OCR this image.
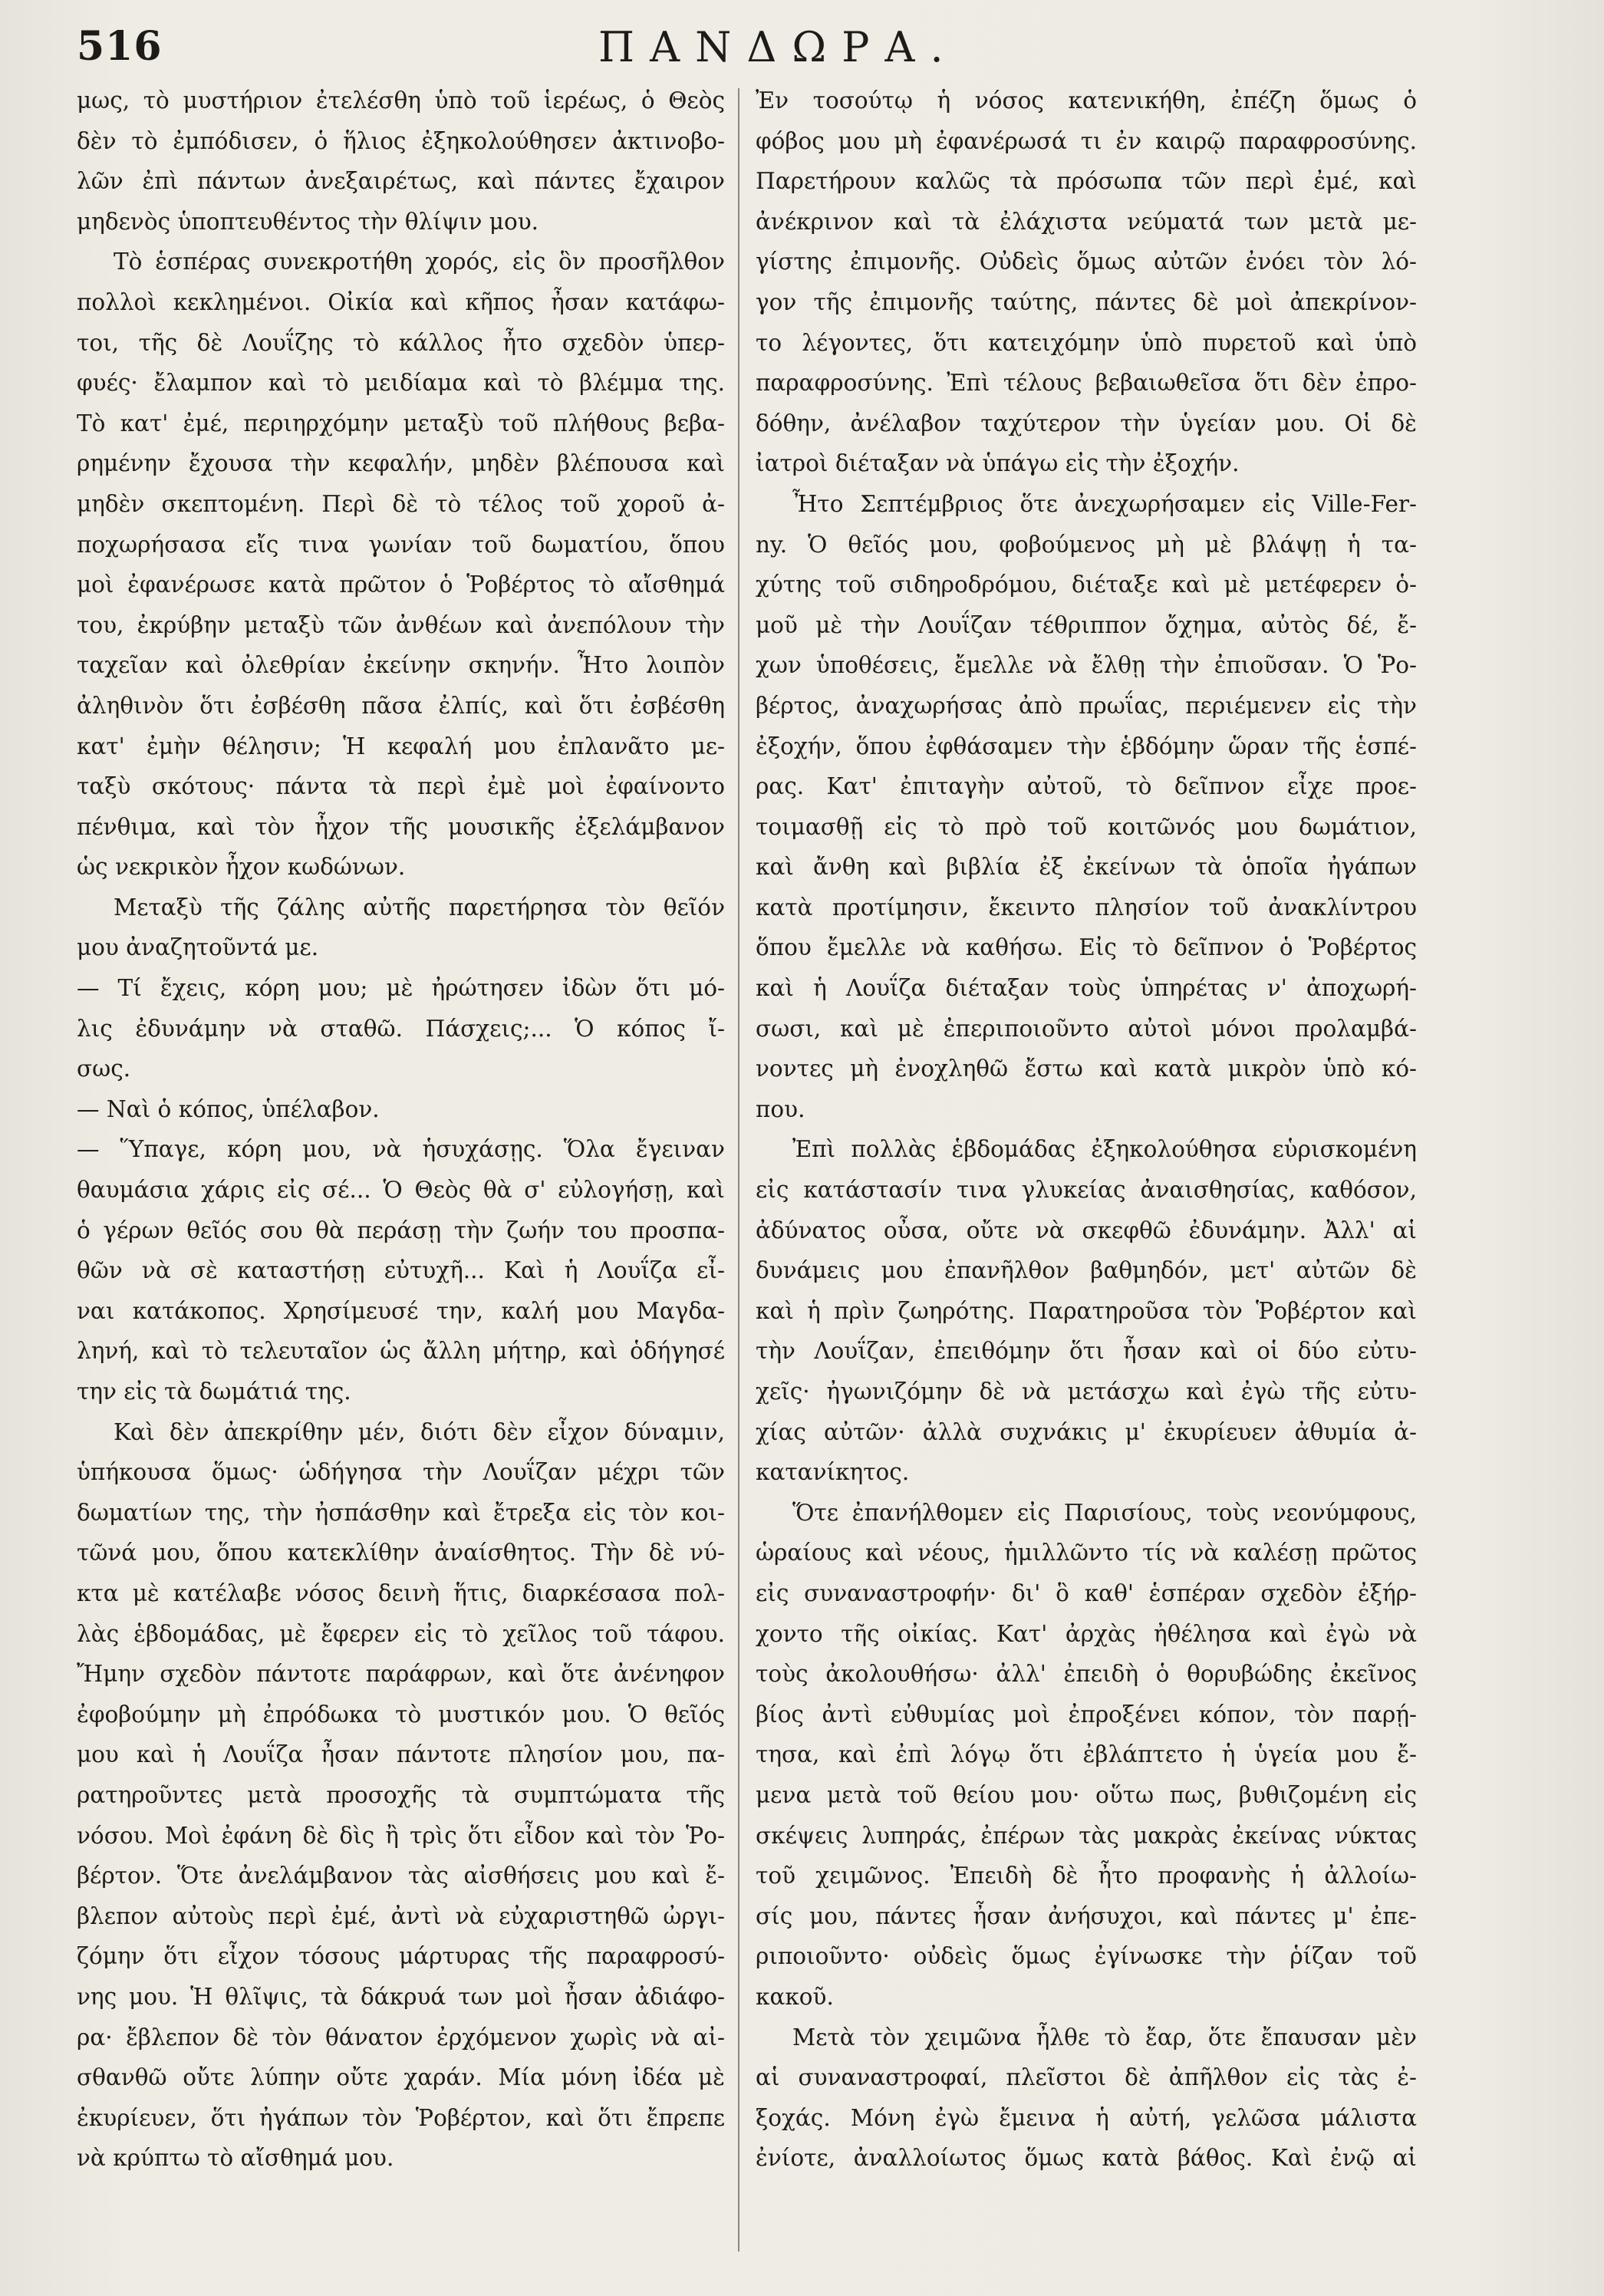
516	ΠΑΝΔΩΡΑ.
μως, τὸ μυστήριον ἐτελέσθη ὑπὸ τοῦ ἱερέως, ὁ Θεὸς
δὲν τὸ ἐμπόδισεν, ὁ ἥλιος ἐξηκολούθησεν ἀκτινοβο-
λῶν ἐπὶ πάντων ἀνεξαιρέτως, καὶ πάντες ἔχαιρον
μηδενὸς ὑποπτευθέντος τὴν θλίψιν μου.
Τὸ ἑσπέρας συνεκροτήθη χορός, εἰς ὃν προσῆλθον
πολλοὶ κεκλημένοι. Οἰκία καὶ κῆπος ἦσαν κατάφω-
τοι, τῆς δὲ Λουΐζης τὸ κάλλος ἦτο σχεδὸν ὑπερ-
φυές· ἔλαμπον καὶ τὸ μειδίαμα καὶ τὸ βλέμμα της.
Τὸ κατ' ἐμέ, περιηρχόμην μεταξὺ τοῦ πλήθους βεβα-
ρημένην ἔχουσα τὴν κεφαλήν, μηδὲν βλέπουσα καὶ
μηδὲν σκεπτομένη. Περὶ δὲ τὸ τέλος τοῦ χοροῦ ἀ-
ποχωρήσασα εἴς τινα γωνίαν τοῦ δωματίου, ὅπου
μοὶ ἐφανέρωσε κατὰ πρῶτον ὁ Ῥοβέρτος τὸ αἴσθημά
του, ἐκρύβην μεταξὺ τῶν ἀνθέων καὶ ἀνεπόλουν τὴν
ταχεῖαν καὶ ὀλεθρίαν ἐκείνην σκηνήν. Ἦτο λοιπὸν
ἀληθινὸν ὅτι ἐσβέσθη πᾶσα ἐλπίς, καὶ ὅτι ἐσβέσθη
κατ' ἐμὴν θέλησιν; Ἡ κεφαλή μου ἐπλανᾶτο με-
ταξὺ σκότους· πάντα τὰ περὶ ἐμὲ μοὶ ἐφαίνοντο
πένθιμα, καὶ τὸν ἦχον τῆς μουσικῆς ἐξελάμβανον
ὡς νεκρικὸν ἦχον κωδώνων.
Μεταξὺ τῆς ζάλης αὐτῆς παρετήρησα τὸν θεῖόν
μου ἀναζητοῦντά με.
— Τί ἔχεις, κόρη μου; μὲ ἠρώτησεν ἰδὼν ὅτι μό-
λις ἐδυνάμην νὰ σταθῶ. Πάσχεις;... Ὁ κόπος ἴ-
σως.
— Ναὶ ὁ κόπος, ὑπέλαβον.
— Ὕπαγε, κόρη μου, νὰ ἡσυχάσῃς. Ὅλα ἔγειναν
θαυμάσια χάρις εἰς σέ... Ὁ Θεὸς θὰ σ' εὐλογήσῃ, καὶ
ὁ γέρων θεῖός σου θὰ περάσῃ τὴν ζωήν του προσπα-
θῶν νὰ σὲ καταστήσῃ εὐτυχῆ... Καὶ ἡ Λουΐζα εἶ-
ναι κατάκοπος. Χρησίμευσέ την, καλή μου Μαγδα-
ληνή, καὶ τὸ τελευταῖον ὡς ἄλλη μήτηρ, καὶ ὁδήγησέ
την εἰς τὰ δωμάτιά της.
Καὶ δὲν ἀπεκρίθην μέν, διότι δὲν εἶχον δύναμιν,
ὑπήκουσα ὅμως· ὡδήγησα τὴν Λουΐζαν μέχρι τῶν
δωματίων της, τὴν ἠσπάσθην καὶ ἔτρεξα εἰς τὸν κοι-
τῶνά μου, ὅπου κατεκλίθην ἀναίσθητος. Τὴν δὲ νύ-
κτα μὲ κατέλαβε νόσος δεινὴ ἥτις, διαρκέσασα πολ-
λὰς ἑβδομάδας, μὲ ἔφερεν εἰς τὸ χεῖλος τοῦ τάφου.
Ἤμην σχεδὸν πάντοτε παράφρων, καὶ ὅτε ἀνένηφον
ἐφοβούμην μὴ ἐπρόδωκα τὸ μυστικόν μου. Ὁ θεῖός
μου καὶ ἡ Λουΐζα ἦσαν πάντοτε πλησίον μου, πα-
ρατηροῦντες μετὰ προσοχῆς τὰ συμπτώματα τῆς
νόσου. Μοὶ ἐφάνη δὲ δὶς ἢ τρὶς ὅτι εἶδον καὶ τὸν Ῥο-
βέρτον. Ὅτε ἀνελάμβανον τὰς αἰσθήσεις μου καὶ ἔ-
βλεπον αὐτοὺς περὶ ἐμέ, ἀντὶ νὰ εὐχαριστηθῶ ὠργι-
ζόμην ὅτι εἶχον τόσους μάρτυρας τῆς παραφροσύ-
νης μου. Ἡ θλῖψις, τὰ δάκρυά των μοὶ ἦσαν ἀδιάφο-
ρα· ἔβλεπον δὲ τὸν θάνατον ἐρχόμενον χωρὶς νὰ αἰ-
σθανθῶ οὔτε λύπην οὔτε χαράν. Μία μόνη ἰδέα μὲ
ἐκυρίευεν, ὅτι ἠγάπων τὸν Ῥοβέρτον, καὶ ὅτι ἔπρεπε
νὰ κρύπτω τὸ αἴσθημά μου.
Ἐν τοσούτῳ ἡ νόσος κατενικήθη, ἐπέζη ὅμως ὁ
φόβος μου μὴ ἐφανέρωσά τι ἐν καιρῷ παραφροσύνης.
Παρετήρουν καλῶς τὰ πρόσωπα τῶν περὶ ἐμέ, καὶ
ἀνέκρινον καὶ τὰ ἐλάχιστα νεύματά των μετὰ με-
γίστης ἐπιμονῆς. Οὐδεὶς ὅμως αὐτῶν ἐνόει τὸν λό-
γον τῆς ἐπιμονῆς ταύτης, πάντες δὲ μοὶ ἀπεκρίνον-
το λέγοντες, ὅτι κατειχόμην ὑπὸ πυρετοῦ καὶ ὑπὸ
παραφροσύνης. Ἐπὶ τέλους βεβαιωθεῖσα ὅτι δὲν ἐπρο-
δόθην, ἀνέλαβον ταχύτερον τὴν ὑγείαν μου. Οἱ δὲ
ἰατροὶ διέταξαν νὰ ὑπάγω εἰς τὴν ἐξοχήν.
Ἦτο Σεπτέμβριος ὅτε ἀνεχωρήσαμεν εἰς Ville-Fer-
ny. Ὁ θεῖός μου, φοβούμενος μὴ μὲ βλάψῃ ἡ τα-
χύτης τοῦ σιδηροδρόμου, διέταξε καὶ μὲ μετέφερεν ὁ-
μοῦ μὲ τὴν Λουΐζαν τέθριππον ὄχημα, αὐτὸς δέ, ἔ-
χων ὑποθέσεις, ἔμελλε νὰ ἔλθῃ τὴν ἐπιοῦσαν. Ὁ Ῥο-
βέρτος, ἀναχωρήσας ἀπὸ πρωΐας, περιέμενεν εἰς τὴν
ἐξοχήν, ὅπου ἐφθάσαμεν τὴν ἑβδόμην ὥραν τῆς ἑσπέ-
ρας. Κατ' ἐπιταγὴν αὐτοῦ, τὸ δεῖπνον εἶχε προε-
τοιμασθῇ εἰς τὸ πρὸ τοῦ κοιτῶνός μου δωμάτιον,
καὶ ἄνθη καὶ βιβλία ἐξ ἐκείνων τὰ ὁποῖα ἠγάπων
κατὰ προτίμησιν, ἔκειντο πλησίον τοῦ ἀνακλίντρου
ὅπου ἔμελλε νὰ καθήσω. Εἰς τὸ δεῖπνον ὁ Ῥοβέρτος
καὶ ἡ Λουΐζα διέταξαν τοὺς ὑπηρέτας ν' ἀποχωρή-
σωσι, καὶ μὲ ἐπεριποιοῦντο αὐτοὶ μόνοι προλαμβά-
νοντες μὴ ἐνοχληθῶ ἔστω καὶ κατὰ μικρὸν ὑπὸ κό-
που.
Ἐπὶ πολλὰς ἑβδομάδας ἐξηκολούθησα εὑρισκομένη
εἰς κατάστασίν τινα γλυκείας ἀναισθησίας, καθόσον,
ἀδύνατος οὖσα, οὔτε νὰ σκεφθῶ ἐδυνάμην. Ἀλλ' αἱ
δυνάμεις μου ἐπανῆλθον βαθμηδόν, μετ' αὐτῶν δὲ
καὶ ἡ πρὶν ζωηρότης. Παρατηροῦσα τὸν Ῥοβέρτον καὶ
τὴν Λουΐζαν, ἐπειθόμην ὅτι ἦσαν καὶ οἱ δύο εὐτυ-
χεῖς· ἠγωνιζόμην δὲ νὰ μετάσχω καὶ ἐγὼ τῆς εὐτυ-
χίας αὐτῶν· ἀλλὰ συχνάκις μ' ἐκυρίευεν ἀθυμία ἀ-
κατανίκητος.
Ὅτε ἐπανήλθομεν εἰς Παρισίους, τοὺς νεονύμφους,
ὡραίους καὶ νέους, ἡμιλλῶντο τίς νὰ καλέσῃ πρῶτος
εἰς συναναστροφήν· δι' ὃ καθ' ἑσπέραν σχεδὸν ἐξήρ-
χοντο τῆς οἰκίας. Κατ' ἀρχὰς ἠθέλησα καὶ ἐγὼ νὰ
τοὺς ἀκολουθήσω· ἀλλ' ἐπειδὴ ὁ θορυβώδης ἐκεῖνος
βίος ἀντὶ εὐθυμίας μοὶ ἐπροξένει κόπον, τὸν παρῄ-
τησα, καὶ ἐπὶ λόγῳ ὅτι ἐβλάπτετο ἡ ὑγεία μου ἔ-
μενα μετὰ τοῦ θείου μου· οὕτω πως, βυθιζομένη εἰς
σκέψεις λυπηράς, ἐπέρων τὰς μακρὰς ἐκείνας νύκτας
τοῦ χειμῶνος. Ἐπειδὴ δὲ ἦτο προφανὴς ἡ ἀλλοίω-
σίς μου, πάντες ἦσαν ἀνήσυχοι, καὶ πάντες μ' ἐπε-
ριποιοῦντο· οὐδεὶς ὅμως ἐγίνωσκε τὴν ῥίζαν τοῦ
κακοῦ.
Μετὰ τὸν χειμῶνα ἦλθε τὸ ἔαρ, ὅτε ἔπαυσαν μὲν
αἱ συναναστροφαί, πλεῖστοι δὲ ἀπῆλθον εἰς τὰς ἐ-
ξοχάς. Μόνη ἐγὼ ἔμεινα ἡ αὐτή, γελῶσα μάλιστα
ἐνίοτε, ἀναλλοίωτος ὅμως κατὰ βάθος. Καὶ ἐνῷ αἱ
